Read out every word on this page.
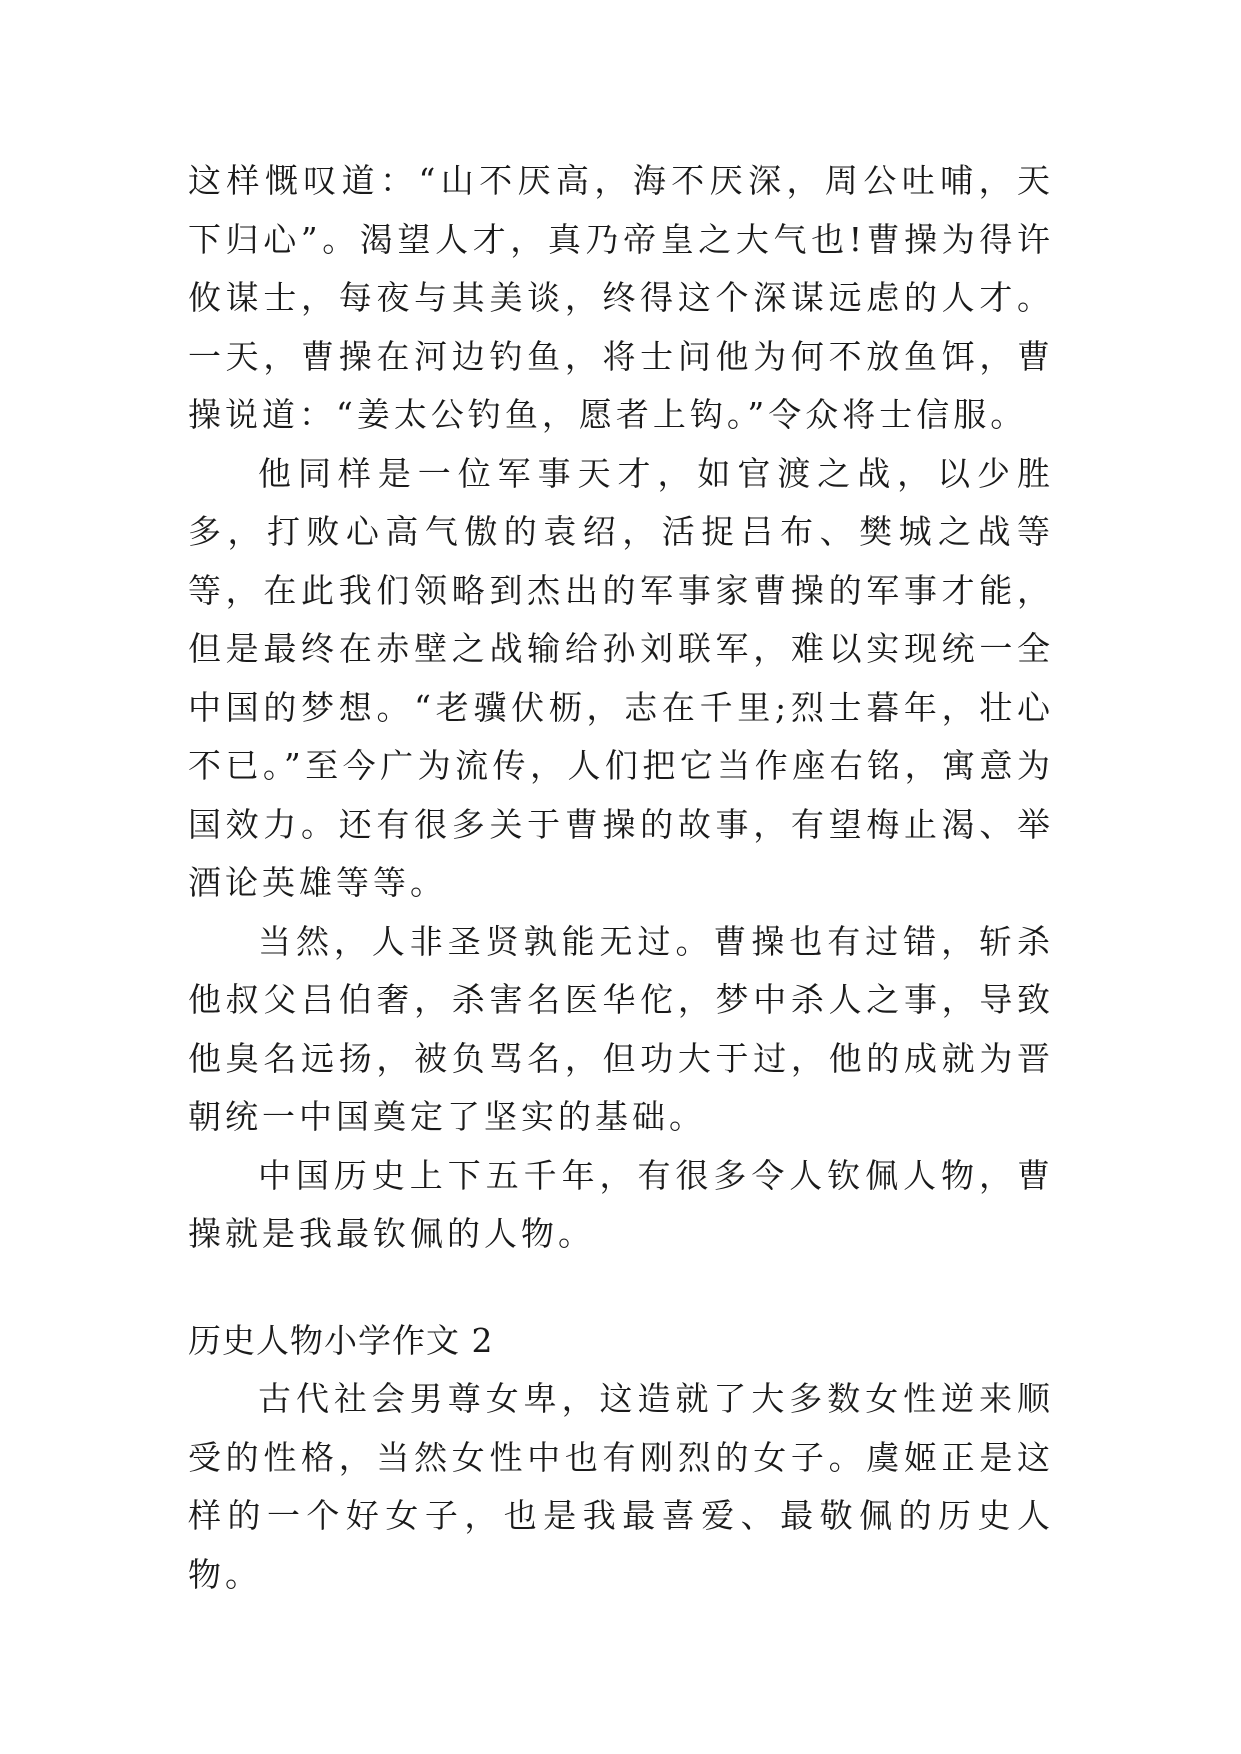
这样慨叹道：“山不厌高，海不厌深，周公吐哺，天下归心”。渴望人才，真乃帝皇之大气也!曹操为得许攸谋士，每夜与其美谈，终得这个深谋远虑的人才。一天，曹操在河边钓鱼，将士问他为何不放鱼饵，曹操说道：“姜太公钓鱼，愿者上钩。”令众将士信服。

他同样是一位军事天才，如官渡之战，以少胜多，打败心高气傲的袁绍，活捉吕布、樊城之战等等，在此我们领略到杰出的军事家曹操的军事才能，但是最终在赤壁之战输给孙刘联军，难以实现统一全中国的梦想。“老骥伏枥，志在千里;烈士暮年，壮心不已。”至今广为流传，人们把它当作座右铭，寓意为国效力。还有很多关于曹操的故事，有望梅止渴、举酒论英雄等等。

当然，人非圣贤孰能无过。曹操也有过错，斩杀他叔父吕伯奢，杀害名医华佗，梦中杀人之事，导致他臭名远扬，被负骂名，但功大于过，他的成就为晋朝统一中国奠定了坚实的基础。

中国历史上下五千年，有很多令人钦佩人物，曹操就是我最钦佩的人物。

历史人物小学作文 2

古代社会男尊女卑，这造就了大多数女性逆来顺受的性格，当然女性中也有刚烈的女子。虞姬正是这样的一个好女子，也是我最喜爱、最敬佩的历史人物。
